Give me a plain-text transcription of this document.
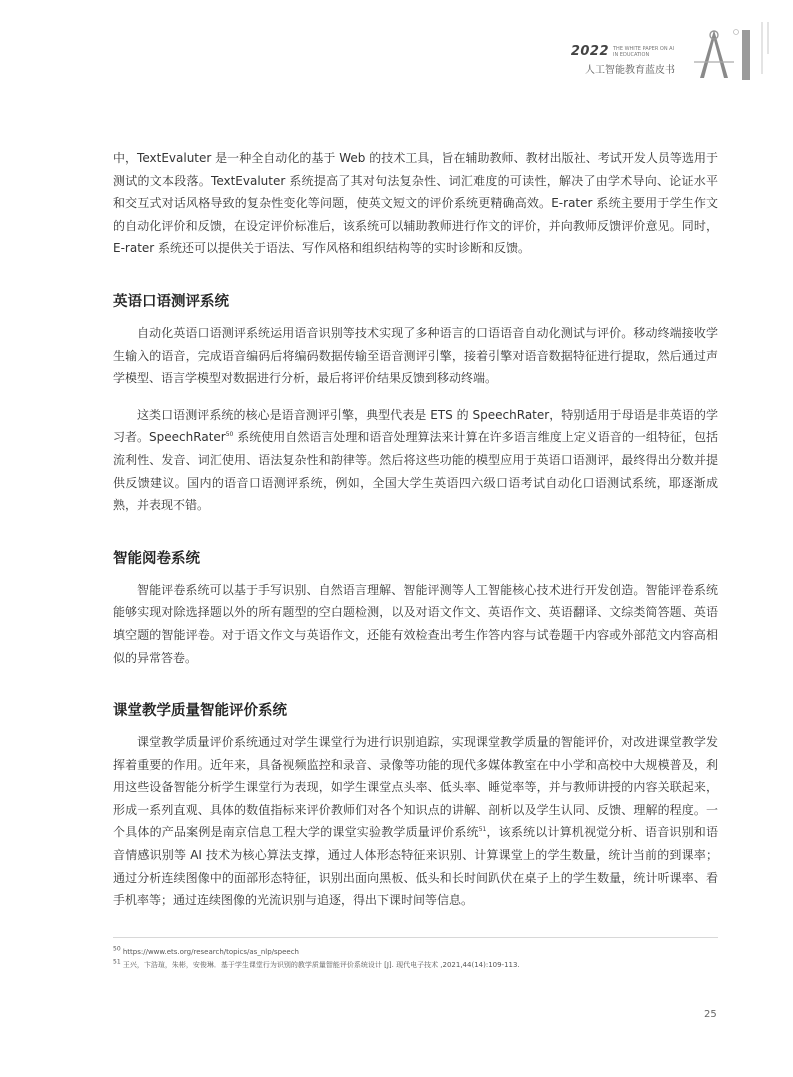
2022 THE WHITE PAPER ON AI IN EDUCATION
人工智能教育蓝皮书

中，TextEvaluter 是一种全自动化的基于 Web 的技术工具，旨在辅助教师、教材出版社、考试开发人员等选用于测试的文本段落。TextEvaluter 系统提高了其对句法复杂性、词汇难度的可读性，解决了由学术导向、论证水平和交互式对话风格导致的复杂性变化等问题，使英文短文的评价系统更精确高效。E-rater 系统主要用于学生作文的自动化评价和反馈，在设定评价标准后，该系统可以辅助教师进行作文的评价，并向教师反馈评价意见。同时，E-rater 系统还可以提供关于语法、写作风格和组织结构等的实时诊断和反馈。

英语口语测评系统

自动化英语口语测评系统运用语音识别等技术实现了多种语言的口语语音自动化测试与评价。移动终端接收学生输入的语音，完成语音编码后将编码数据传输至语音测评引擎，接着引擎对语音数据特征进行提取，然后通过声学模型、语言学模型对数据进行分析，最后将评价结果反馈到移动终端。

这类口语测评系统的核心是语音测评引擎，典型代表是 ETS 的 SpeechRater，特别适用于母语是非英语的学习者。SpeechRater$^{50}$ 系统使用自然语言处理和语音处理算法来计算在许多语言维度上定义语音的一组特征，包括流利性、发音、词汇使用、语法复杂性和韵律等。然后将这些功能的模型应用于英语口语测评，最终得出分数并提供反馈建议。国内的语音口语测评系统，例如，全国大学生英语四六级口语考试自动化口语测试系统，耶逐渐成熟，并表现不错。

智能阅卷系统

智能评卷系统可以基于手写识别、自然语言理解、智能评测等人工智能核心技术进行开发创造。智能评卷系统能够实现对除选择题以外的所有题型的空白题检测，以及对语文作文、英语作文、英语翻译、文综类简答题、英语填空题的智能评卷。对于语文作文与英语作文，还能有效检查出考生作答内容与试卷题干内容或外部范文内容高相似的异常答卷。

课堂教学质量智能评价系统

课堂教学质量评价系统通过对学生课堂行为进行识别追踪，实现课堂教学质量的智能评价，对改进课堂教学发挥着重要的作用。近年来，具备视频监控和录音、录像等功能的现代多媒体教室在中小学和高校中大规模普及，利用这些设备智能分析学生课堂行为表现，如学生课堂点头率、低头率、睡觉率等，并与教师讲授的内容关联起来，形成一系列直观、具体的数值指标来评价教师们对各个知识点的讲解、剖析以及学生认同、反馈、理解的程度。一个具体的产品案例是南京信息工程大学的课堂实验教学质量评价系统$^{51}$，该系统以计算机视觉分析、语音识别和语音情感识别等 AI 技术为核心算法支撑，通过人体形态特征来识别、计算课堂上的学生数量，统计当前的到课率；通过分析连续图像中的面部形态特征，识别出面向黑板、低头和长时间趴伏在桌子上的学生数量，统计听课率、看手机率等；通过连续图像的光流识别与追逐，得出下课时间等信息。

$^{50}$ https://www.ets.org/research/topics/as_nlp/speech
$^{51}$ 王兴，卞浩瑄，朱彬，安俊琳．基于学生课堂行为识别的教学质量智能评价系统设计 [J]. 现代电子技术 ,2021,44(14):109-113.
25
